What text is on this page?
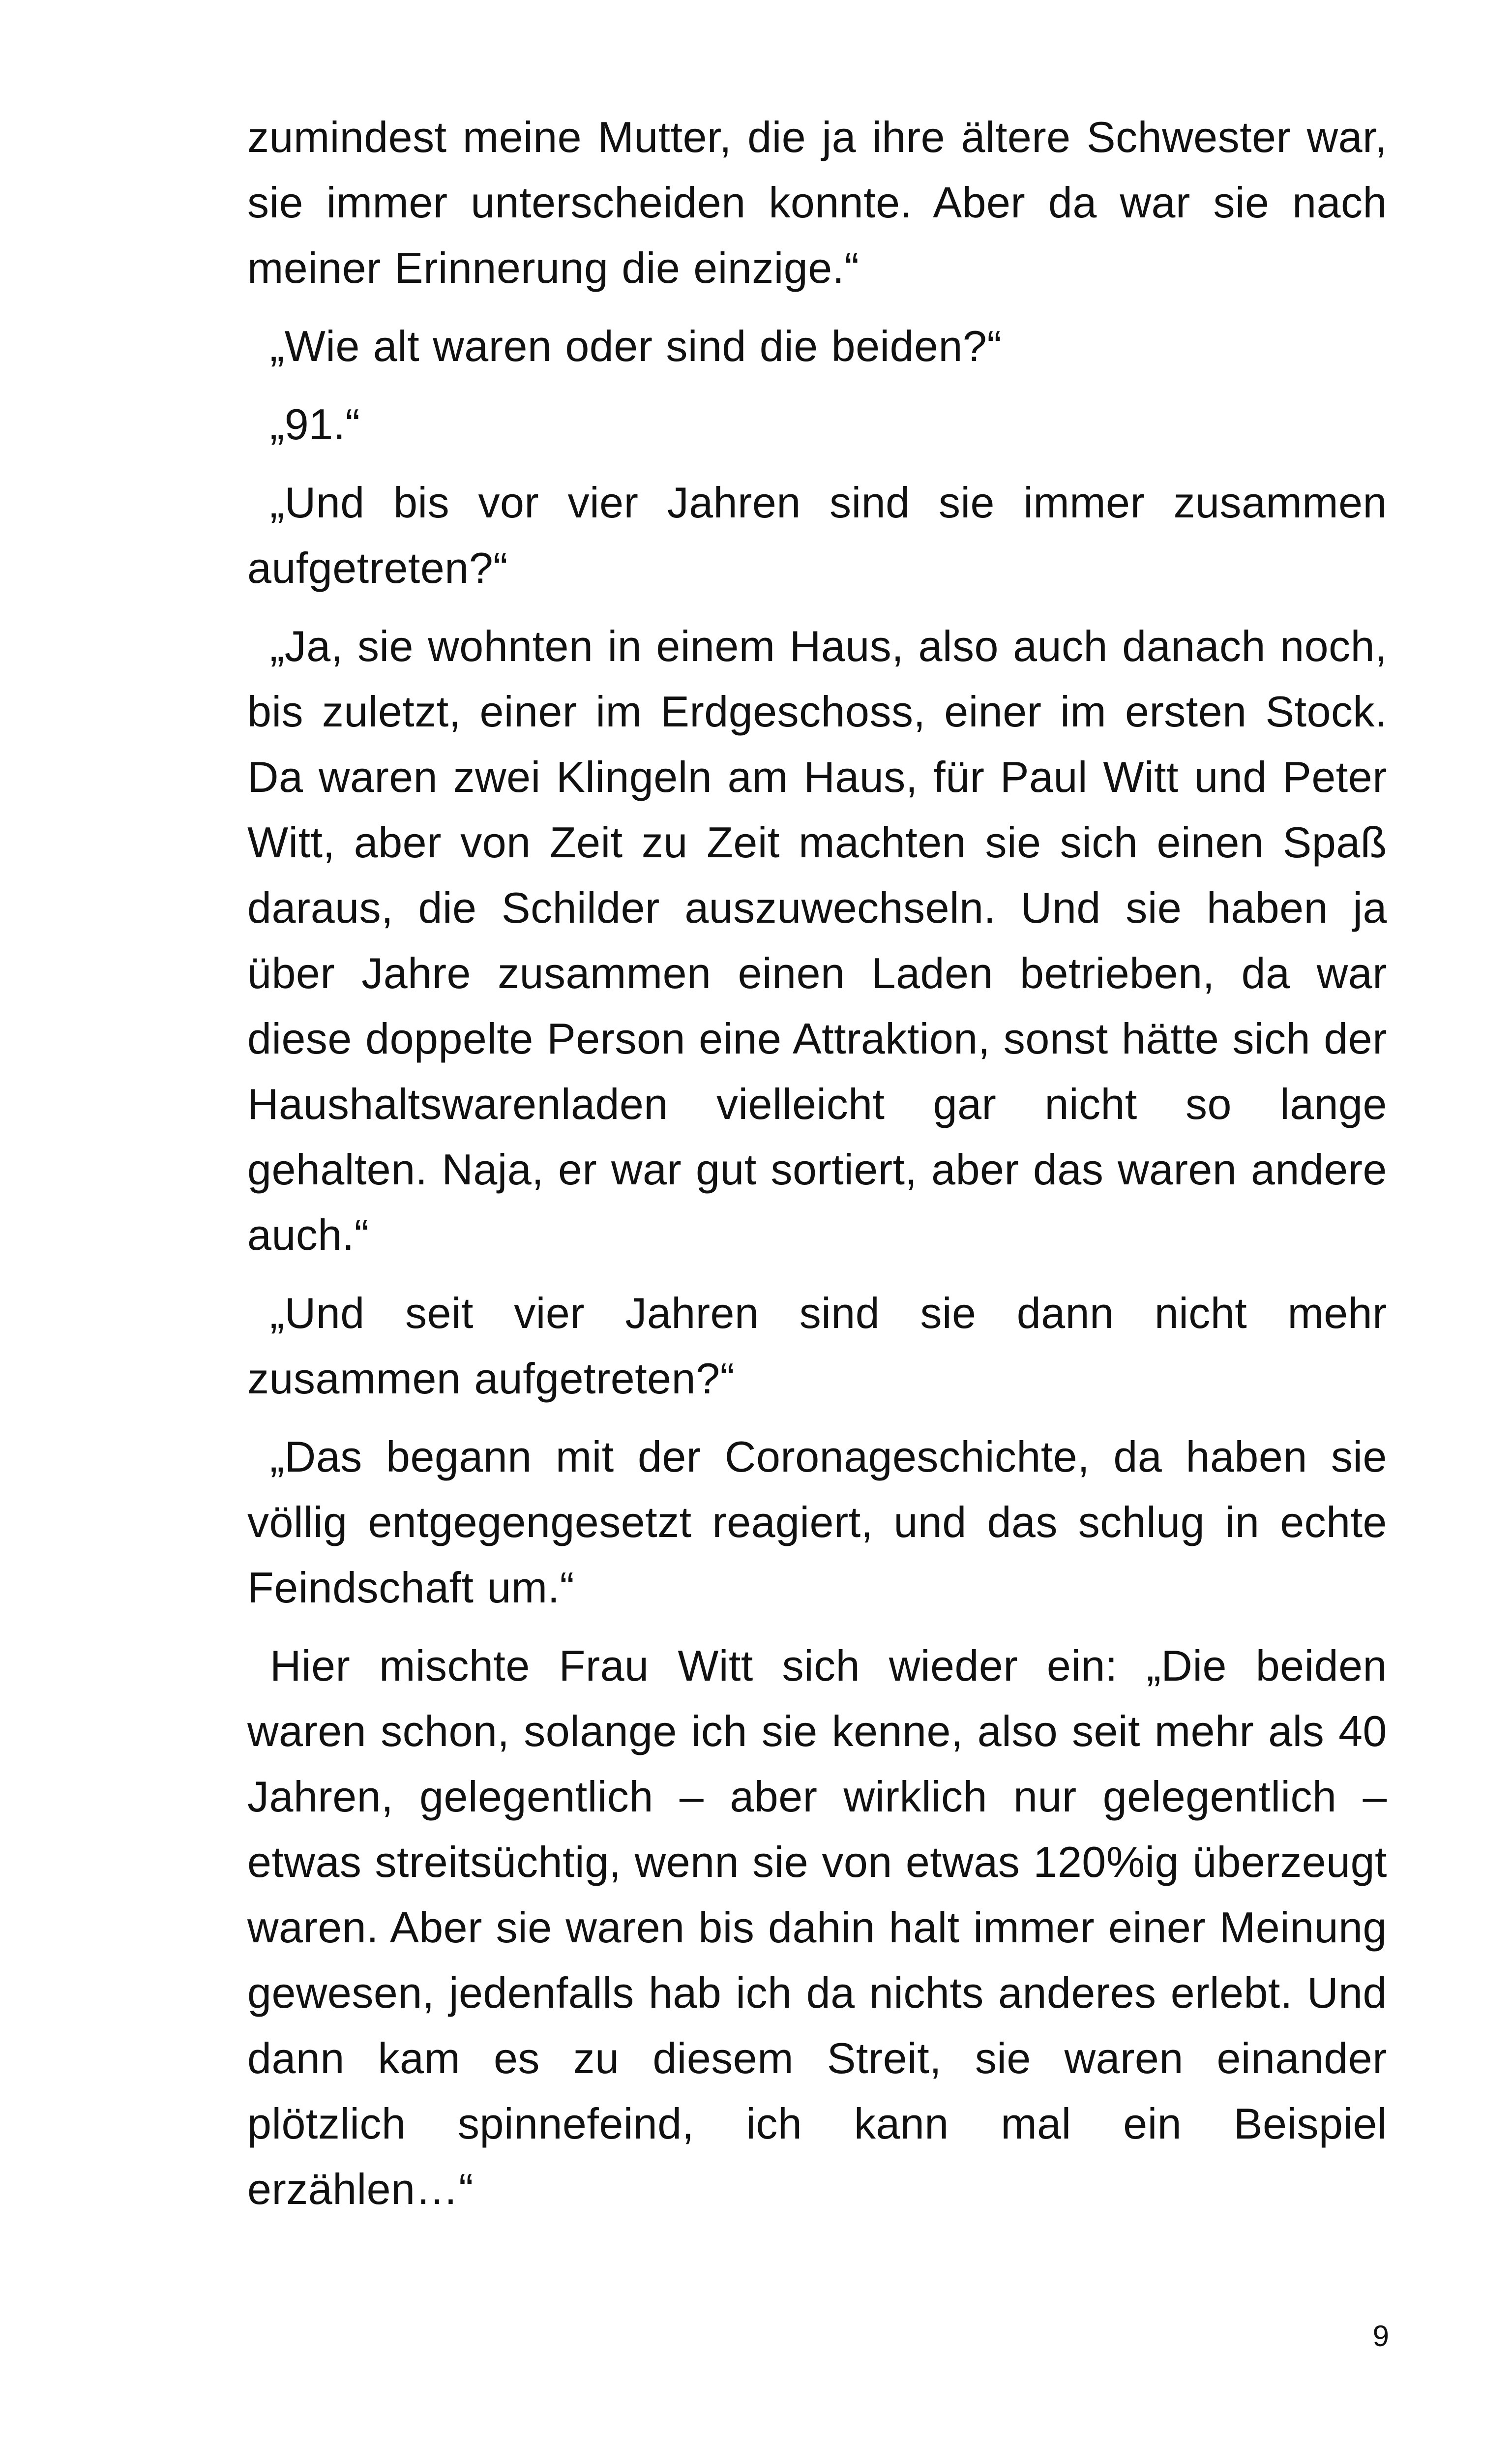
zumindest meine Mutter, die ja ihre ältere Schwester war, sie immer unterscheiden konnte. Aber da war sie nach meiner Erinnerung die einzige.“

„Wie alt waren oder sind die beiden?“

„91.“

„Und bis vor vier Jahren sind sie immer zusammen aufgetreten?“

„Ja, sie wohnten in einem Haus, also auch danach noch, bis zuletzt, einer im Erdgeschoss, einer im ersten Stock. Da waren zwei Klingeln am Haus, für Paul Witt und Peter Witt, aber von Zeit zu Zeit machten sie sich einen Spaß daraus, die Schilder auszuwechseln. Und sie haben ja über Jahre zusammen einen Laden betrieben, da war diese doppelte Person eine Attraktion, sonst hätte sich der Haushaltswarenladen vielleicht gar nicht so lange gehalten. Naja, er war gut sortiert, aber das waren andere auch.“

„Und seit vier Jahren sind sie dann nicht mehr zusammen aufgetreten?“

„Das begann mit der Coronageschichte, da haben sie völlig entgegengesetzt reagiert, und das schlug in echte Feindschaft um.“

Hier mischte Frau Witt sich wieder ein: „Die beiden waren schon, solange ich sie kenne, also seit mehr als 40 Jahren, gelegentlich – aber wirklich nur gelegentlich – etwas streitsüchtig, wenn sie von etwas 120%ig überzeugt waren. Aber sie waren bis dahin halt immer einer Meinung gewesen, jedenfalls hab ich da nichts anderes erlebt. Und dann kam es zu diesem Streit, sie waren einander plötzlich spinnefeind, ich kann mal ein Beispiel erzählen…“

9
